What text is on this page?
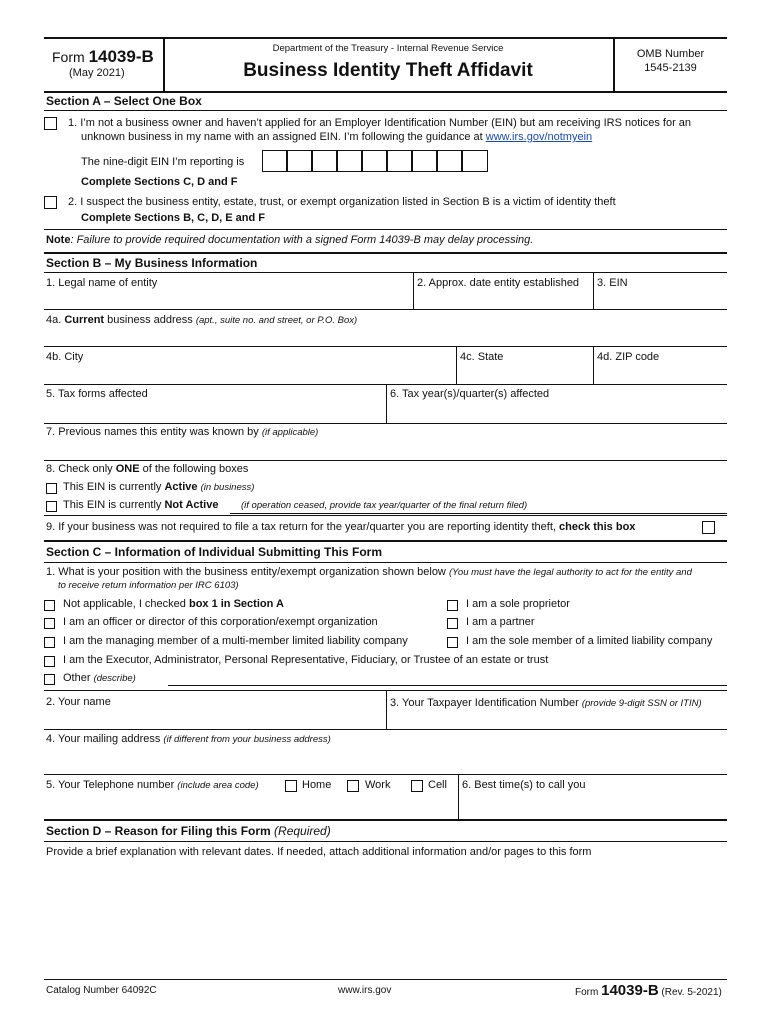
Form 14039-B
(May 2021)
Department of the Treasury - Internal Revenue Service
Business Identity Theft Affidavit
OMB Number
1545-2139
Section A – Select One Box
1. I’m not a business owner and haven’t applied for an Employer Identification Number (EIN) but am receiving IRS notices for an
unknown business in my name with an assigned EIN. I’m following the guidance at www.irs.gov/notmyein
The nine-digit EIN I’m reporting is
Complete Sections C, D and F
2. I suspect the business entity, estate, trust, or exempt organization listed in Section B is a victim of identity theft
Complete Sections B, C, D, E and F
Note: Failure to provide required documentation with a signed Form 14039-B may delay processing.
Section B – My Business Information
1. Legal name of entity	2. Approx. date entity established 3. EIN
4a. Current business address (apt., suite no. and street, or P.O. Box)
4b. City	4c. State	4d. ZIP code
5. Tax forms affected	6. Tax year(s)/quarter(s) affected
7. Previous names this entity was known by (if applicable)
8. Check only ONE of the following boxes
This EIN is currently Active (in business)
This EIN is currently Not Active (if operation ceased, provide tax year/quarter of the final return filed)
9. If your business was not required to file a tax return for the year/quarter you are reporting identity theft, check this box
Section C – Information of Individual Submitting This Form
1. What is your position with the business entity/exempt organization shown below (You must have the legal authority to act for the entity and
to receive return information per IRC 6103)
Not applicable, I checked box 1 in Section A	I am a sole proprietor
I am an officer or director of this corporation/exempt organization	I am a partner
I am the managing member of a multi-member limited liability company	I am the sole member of a limited liability company
I am the Executor, Administrator, Personal Representative, Fiduciary, or Trustee of an estate or trust
Other (describe)
2. Your name	3. Your Taxpayer Identification Number (provide 9-digit SSN or ITIN)
4. Your mailing address (if different from your business address)
5. Your Telephone number (include area code)	Home	Work	Cell 6. Best time(s) to call you
Section D – Reason for Filing this Form (Required)
Provide a brief explanation with relevant dates. If needed, attach additional information and/or pages to this form
Catalog Number 64092C	www.irs.gov	Form 14039-B (Rev. 5-2021)
